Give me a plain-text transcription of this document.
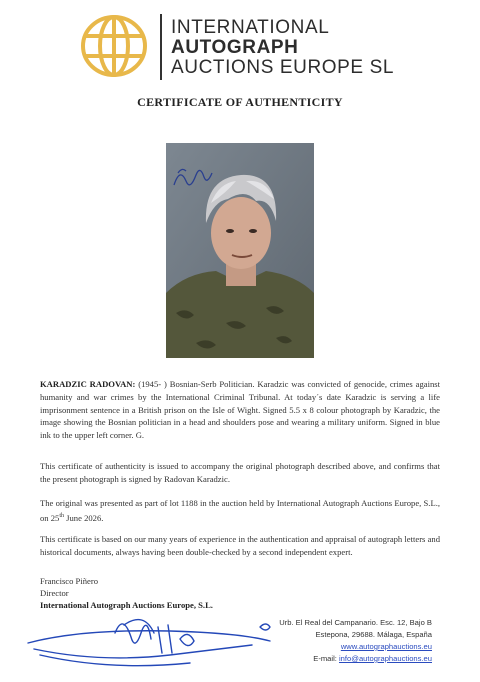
INTERNATIONAL
AUTOGRAPH
AUCTIONS EUROPE SL
CERTIFICATE OF AUTHENTICITY
KARADZIC RADOVAN: (1945- ) Bosnian-Serb Politician. Karadzic was convicted of genocide, crimes against humanity and war crimes by the International Criminal Tribunal. At today´s date Karadzic is serving a life imprisonment sentence in a British prison on the Isle of Wight. Signed 5.5 x 8 colour photograph by Karadzic, the image showing the Bosnian politician in a head and shoulders pose and wearing a military uniform. Signed in blue ink to the upper left corner. G.
This certificate of authenticity is issued to accompany the original photograph described above, and confirms that the present photograph is signed by Radovan Karadzic.
The original was presented as part of lot 1188 in the auction held by International Autograph Auctions Europe, S.L., on 25th June 2026.
This certificate is based on our many years of experience in the authentication and appraisal of autograph letters and historical documents, always having been double-checked by a second independent expert.
Francisco Piñero
Director
International Autograph Auctions Europe, S.L.
Urb. El Real del Campanario. Esc. 12, Bajo B
Estepona, 29688. Málaga, España
www.autographauctions.eu
E-mail: info@autographauctions.eu
